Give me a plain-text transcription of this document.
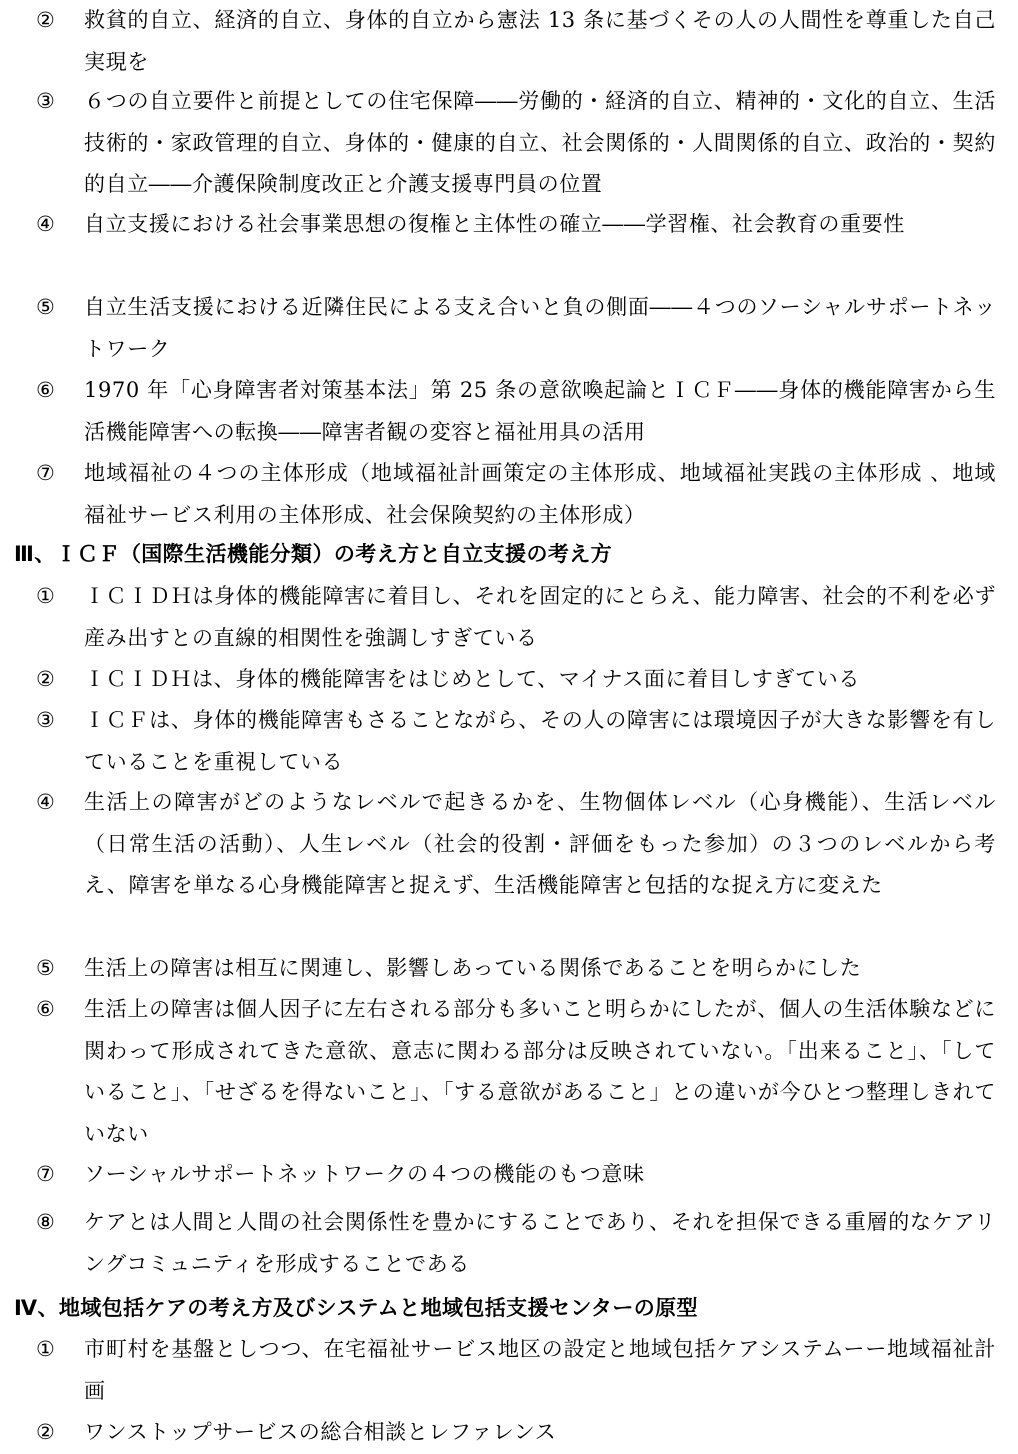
②	救貧的自立、経済的自立、身体的自立から憲法 13 条に基づくその人の人間性を尊重した自己実現を
③	６つの自立要件と前提としての住宅保障――労働的・経済的自立、精神的・文化的自立、生活技術的・家政管理的自立、身体的・健康的自立、社会関係的・人間関係的自立、政治的・契約的自立――介護保険制度改正と介護支援専門員の位置
④	自立支援における社会事業思想の復権と主体性の確立――学習権、社会教育の重要性
⑤	自立生活支援における近隣住民による支え合いと負の側面――４つのソーシャルサポートネットワーク
⑥	1970 年「心身障害者対策基本法」第 25 条の意欲喚起論とＩＣＦ――身体的機能障害から生活機能障害への転換――障害者観の変容と福祉用具の活用
⑦	地域福祉の４つの主体形成（地域福祉計画策定の主体形成、地域福祉実践の主体形成 、地域福祉サービス利用の主体形成、社会保険契約の主体形成）
Ⅲ、ＩＣＦ（国際生活機能分類）の考え方と自立支援の考え方
①	ＩＣＩＤＨは身体的機能障害に着目し、それを固定的にとらえ、能力障害、社会的不利を必ず産み出すとの直線的相関性を強調しすぎている
②	ＩＣＩＤＨは、身体的機能障害をはじめとして、マイナス面に着目しすぎている
③	ＩＣＦは、身体的機能障害もさることながら、その人の障害には環境因子が大きな影響を有していることを重視している
④	生活上の障害がどのようなレベルで起きるかを、生物個体レベル（心身機能）、生活レベル（日常生活の活動）、人生レベル（社会的役割・評価をもった参加）の３つのレベルから考え、障害を単なる心身機能障害と捉えず、生活機能障害と包括的な捉え方に変えた
⑤	生活上の障害は相互に関連し、影響しあっている関係であることを明らかにした
⑥	生活上の障害は個人因子に左右される部分も多いこと明らかにしたが、個人の生活体験などに関わって形成されてきた意欲、意志に関わる部分は反映されていない。「出来ること」、「していること」、「せざるを得ないこと」、「する意欲があること」との違いが今ひとつ整理しきれていない
⑦	ソーシャルサポートネットワークの４つの機能のもつ意味
⑧	ケアとは人間と人間の社会関係性を豊かにすることであり、それを担保できる重層的なケアリングコミュニティを形成することである
Ⅳ、地域包括ケアの考え方及びシステムと地域包括支援センターの原型
①	市町村を基盤としつつ、在宅福祉サービス地区の設定と地域包括ケアシステムーー地域福祉計画
②	ワンストップサービスの総合相談とレファレンス
